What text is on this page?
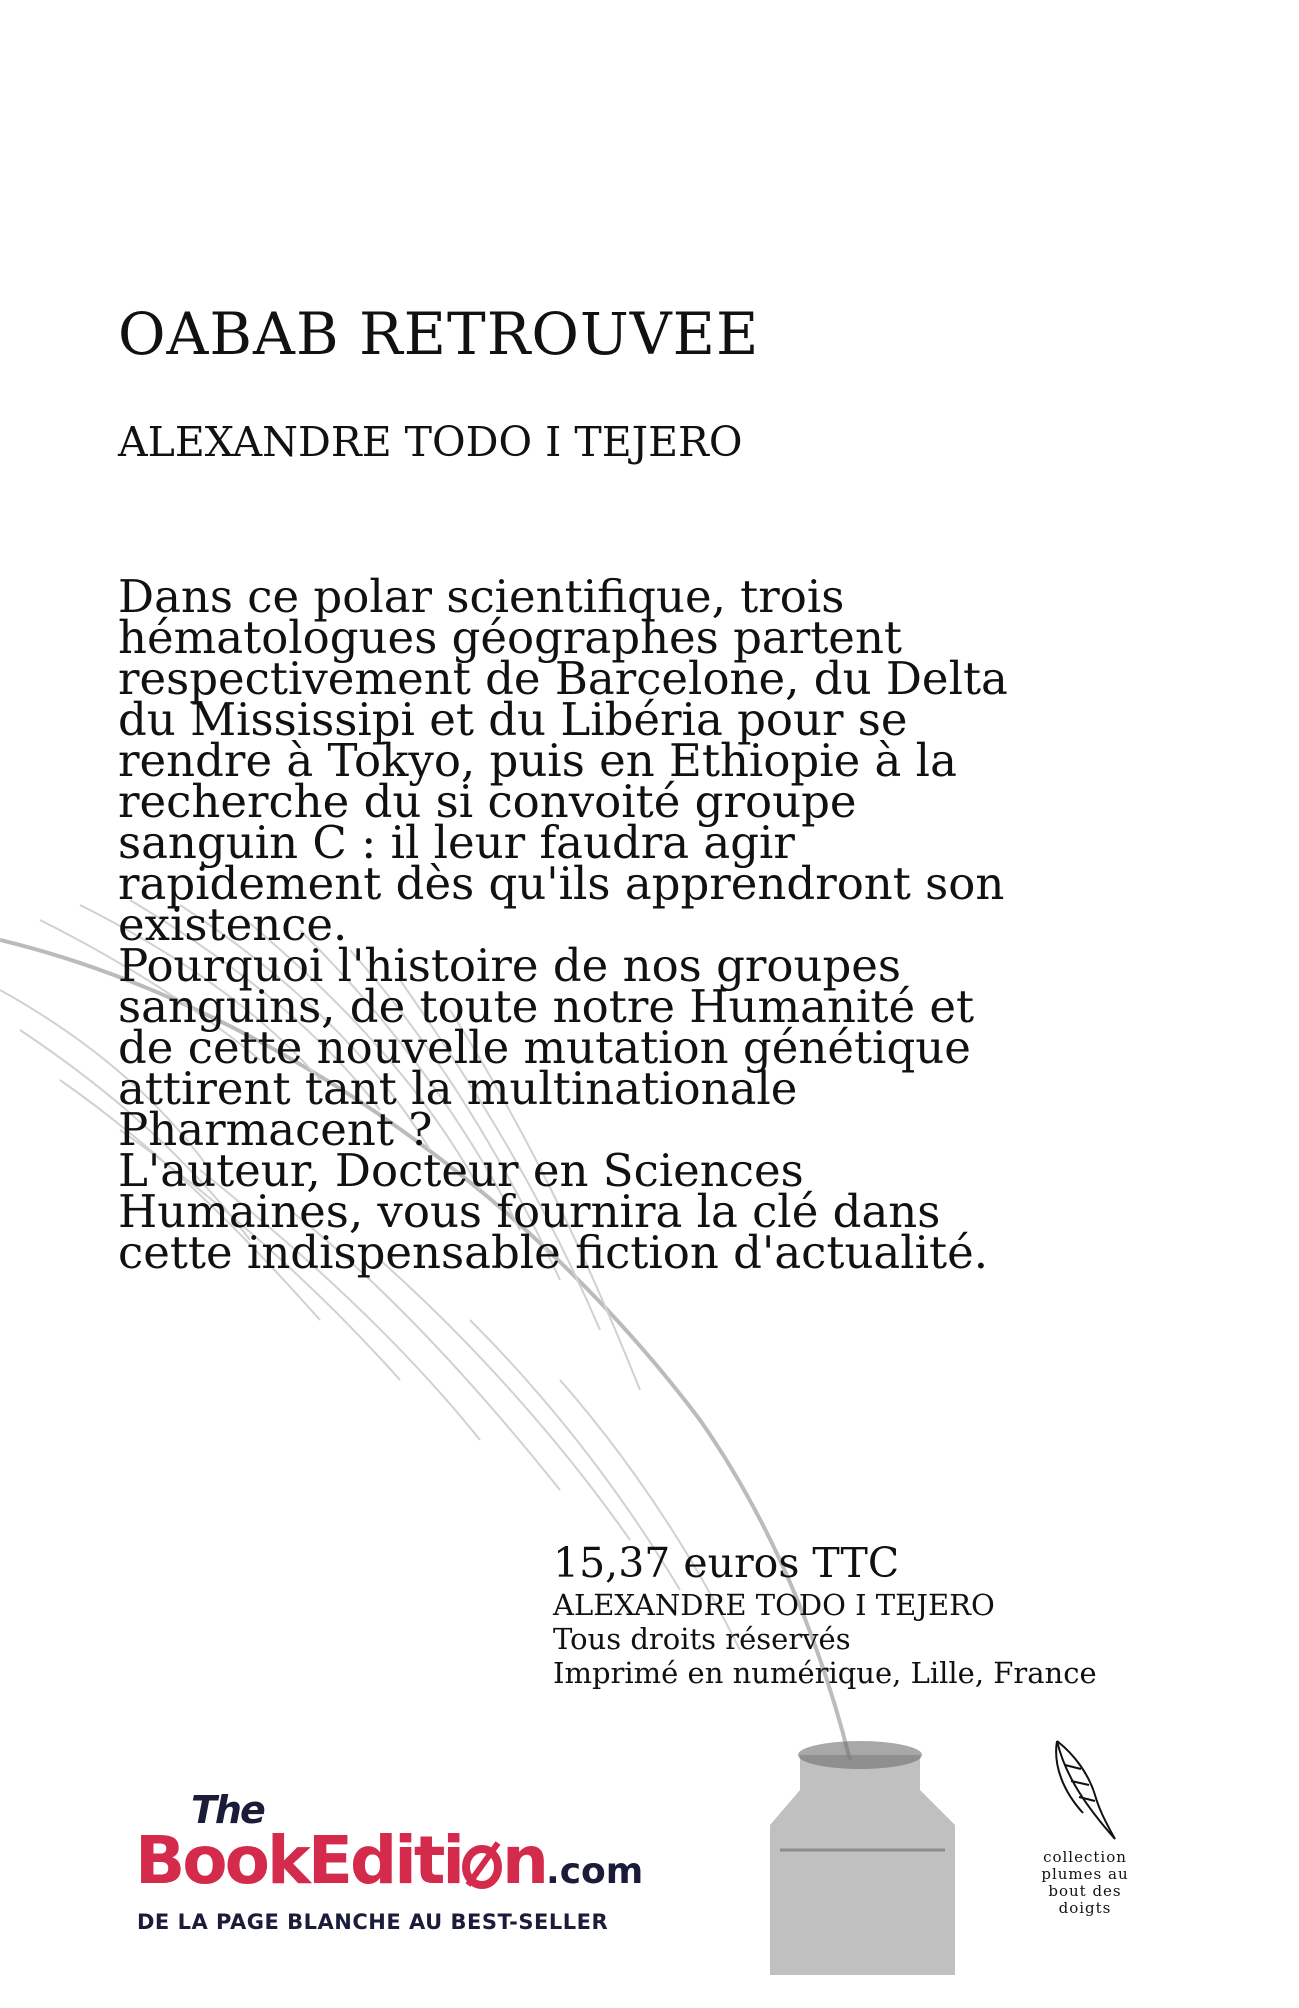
OABAB RETROUVEE
ALEXANDRE TODO I TEJERO

Dans ce polar scientifique, trois

hématologues géographes partent

respectivement de Barcelone, du Delta

du Mississipi et du Libéria pour se

rendre à Tokyo, puis en Ethiopie à la

recherche du si convoité groupe

sanguin C : il leur faudra agir

rapidement dès qu'ils apprendront son

existence.

Pourquoi l'histoire de nos groupes

sanguins, de toute notre Humanité et

de cette nouvelle mutation génétique

attirent tant la multinationale

Pharmacent ?

L'auteur, Docteur en Sciences

Humaines, vous fournira la clé dans

cette indispensable fiction d'actualité.

15,37 euros TTC
ALEXANDRE TODO I TEJERO
Tous droits réservés
Imprimé en numérique, Lille, France
The
BookEditi n.com
DE LA PAGE BLANCHE AU BEST-SELLER
collection
plumes au
bout des
doigts
